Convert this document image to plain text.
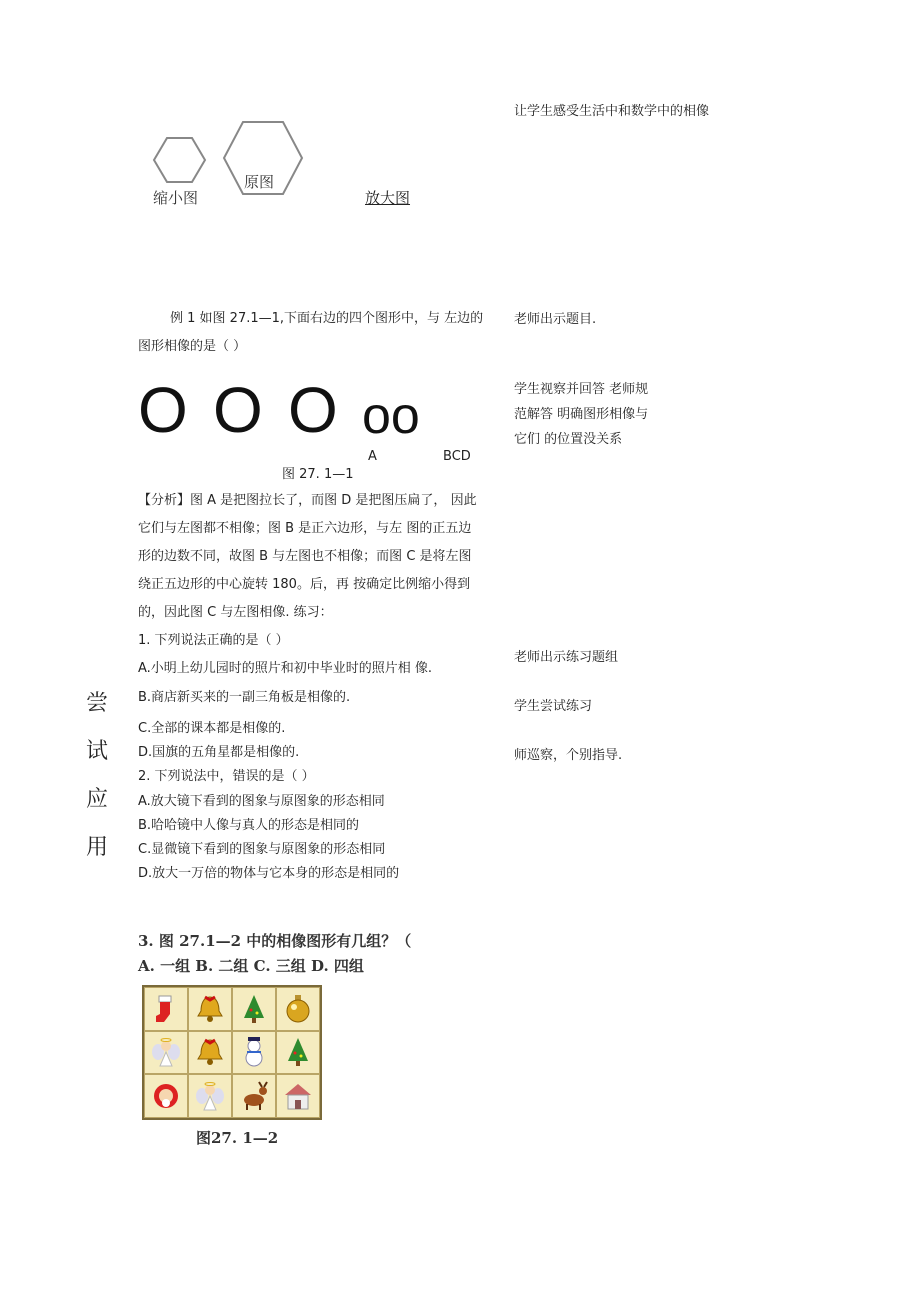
让学生感受生活中和数学中的相像
缩小图
原图
放大图
例 1 如图 27.1—1,下面右边的四个图形中，与 左边的
图形相像的是（ ）
老师出示题目.
O O O oo
A	BCD
图 27. 1—1
学生视察并回答 老师规
范解答 明确图形相像与
它们 的位置没关系
【分析】图 A 是把图拉长了，而图 D 是把图压扁了， 因此
它们与左图都不相像；图 B 是正六边形，与左 图的正五边
形的边数不同，故图 B 与左图也不相像；而图 C 是将左图
绕正五边形的中心旋转 180。后，再 按确定比例缩小得到
的，因此图 C 与左图相像. 练习：
1. 下列说法正确的是（ ）
A.小明上幼儿园时的照片和初中毕业时的照片相 像.
B.商店新买来的一副三角板是相像的.
C.全部的课本都是相像的.
D.国旗的五角星都是相像的.
2. 下列说法中，错误的是（ ）
A.放大镜下看到的图象与原图象的形态相同
B.哈哈镜中人像与真人的形态是相同的
C.显微镜下看到的图象与原图象的形态相同
D.放大一万倍的物体与它本身的形态是相同的
老师出示练习题组
学生尝试练习
师巡察，个别指导.
尝
试
应
用
3. 图 27.1—2 中的相像图形有几组？（
A. 一组 B. 二组 C. 三组 D. 四组
图27. 1—2
